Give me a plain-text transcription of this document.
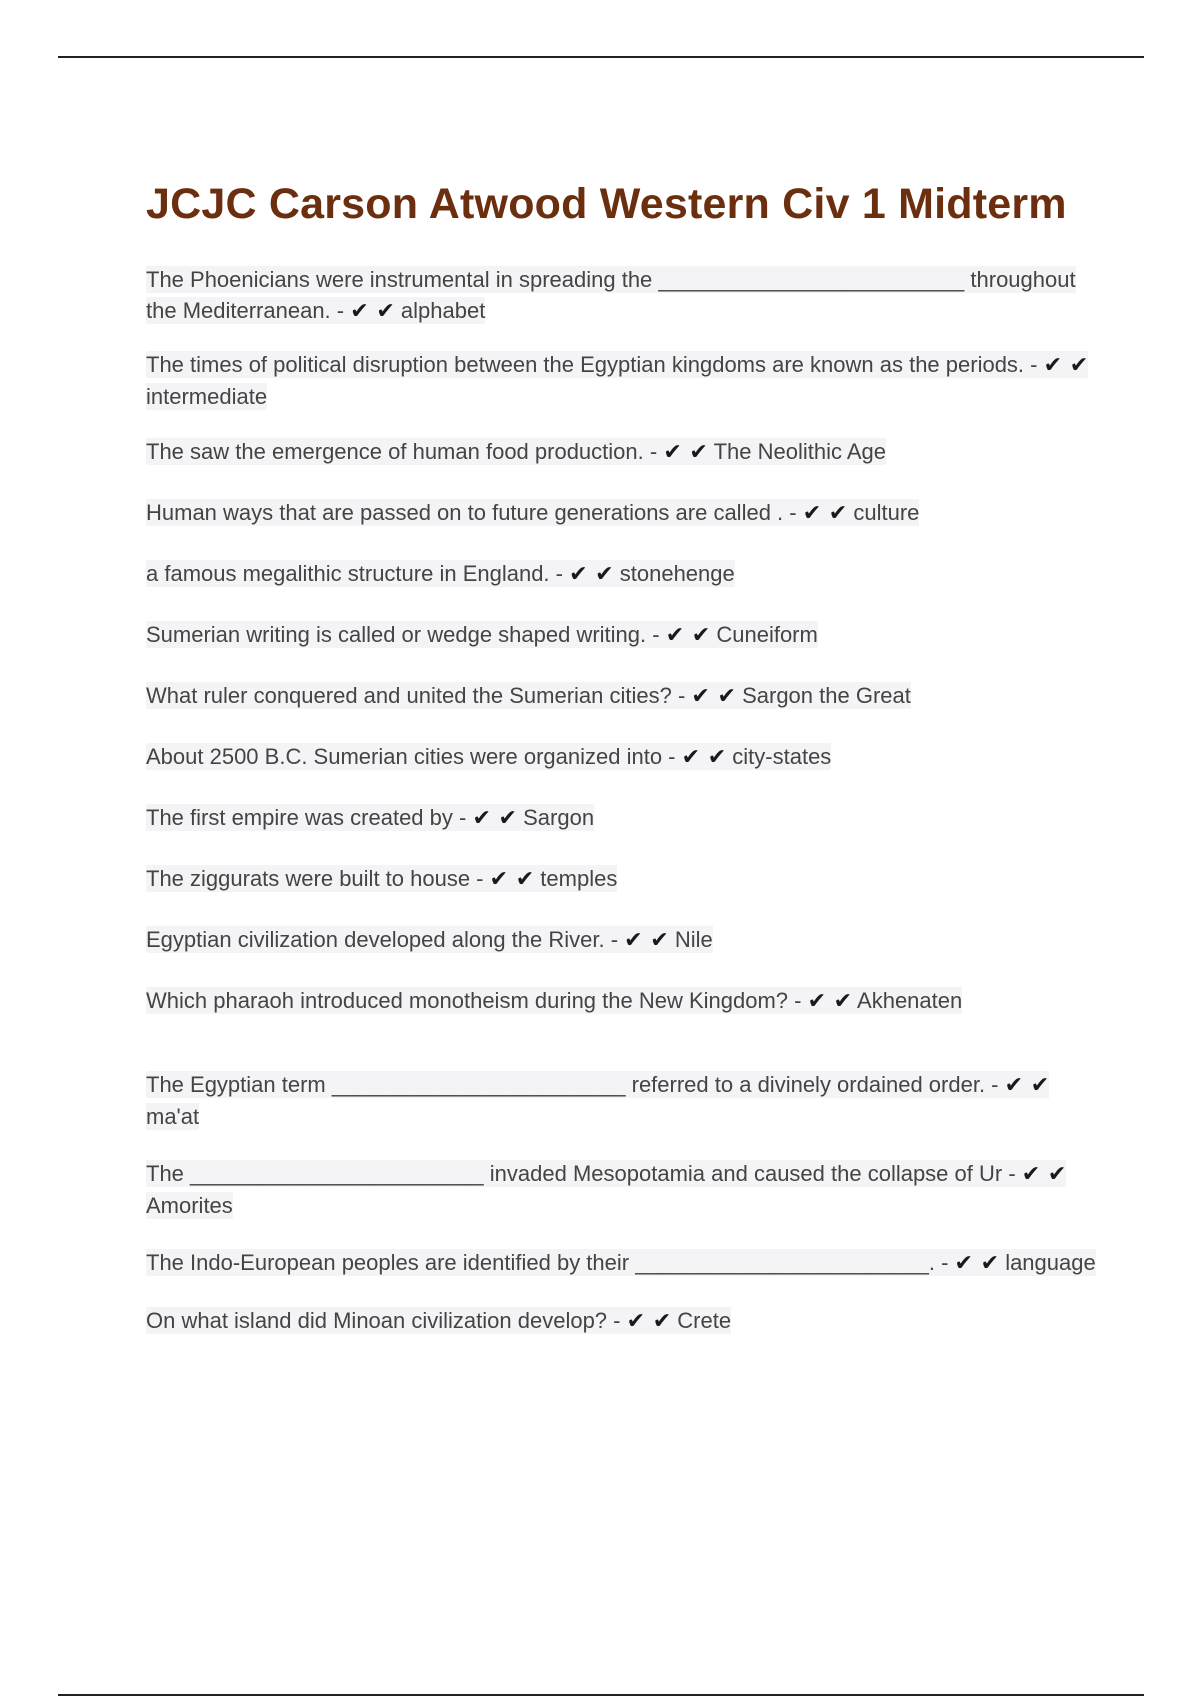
JCJC Carson Atwood Western Civ 1 Midterm
The Phoenicians were instrumental in spreading the _________________________ throughout the Mediterranean. - ✔ ✔ alphabet
The times of political disruption between the Egyptian kingdoms are known as the periods. - ✔ ✔ intermediate
The saw the emergence of human food production. - ✔ ✔ The Neolithic Age
Human ways that are passed on to future generations are called . - ✔ ✔ culture
a famous megalithic structure in England. - ✔ ✔ stonehenge
Sumerian writing is called or wedge shaped writing. - ✔ ✔ Cuneiform
What ruler conquered and united the Sumerian cities? - ✔ ✔ Sargon the Great
About 2500 B.C. Sumerian cities were organized into - ✔ ✔ city-states
The first empire was created by - ✔ ✔ Sargon
The ziggurats were built to house - ✔ ✔ temples
Egyptian civilization developed along the River. - ✔ ✔ Nile
Which pharaoh introduced monotheism during the New Kingdom? - ✔ ✔ Akhenaten
The Egyptian term ________________________ referred to a divinely ordained order. - ✔ ✔ ma'at
The ________________________ invaded Mesopotamia and caused the collapse of Ur - ✔ ✔ Amorites
The Indo-European peoples are identified by their ________________________. - ✔ ✔ language
On what island did Minoan civilization develop? - ✔ ✔ Crete
